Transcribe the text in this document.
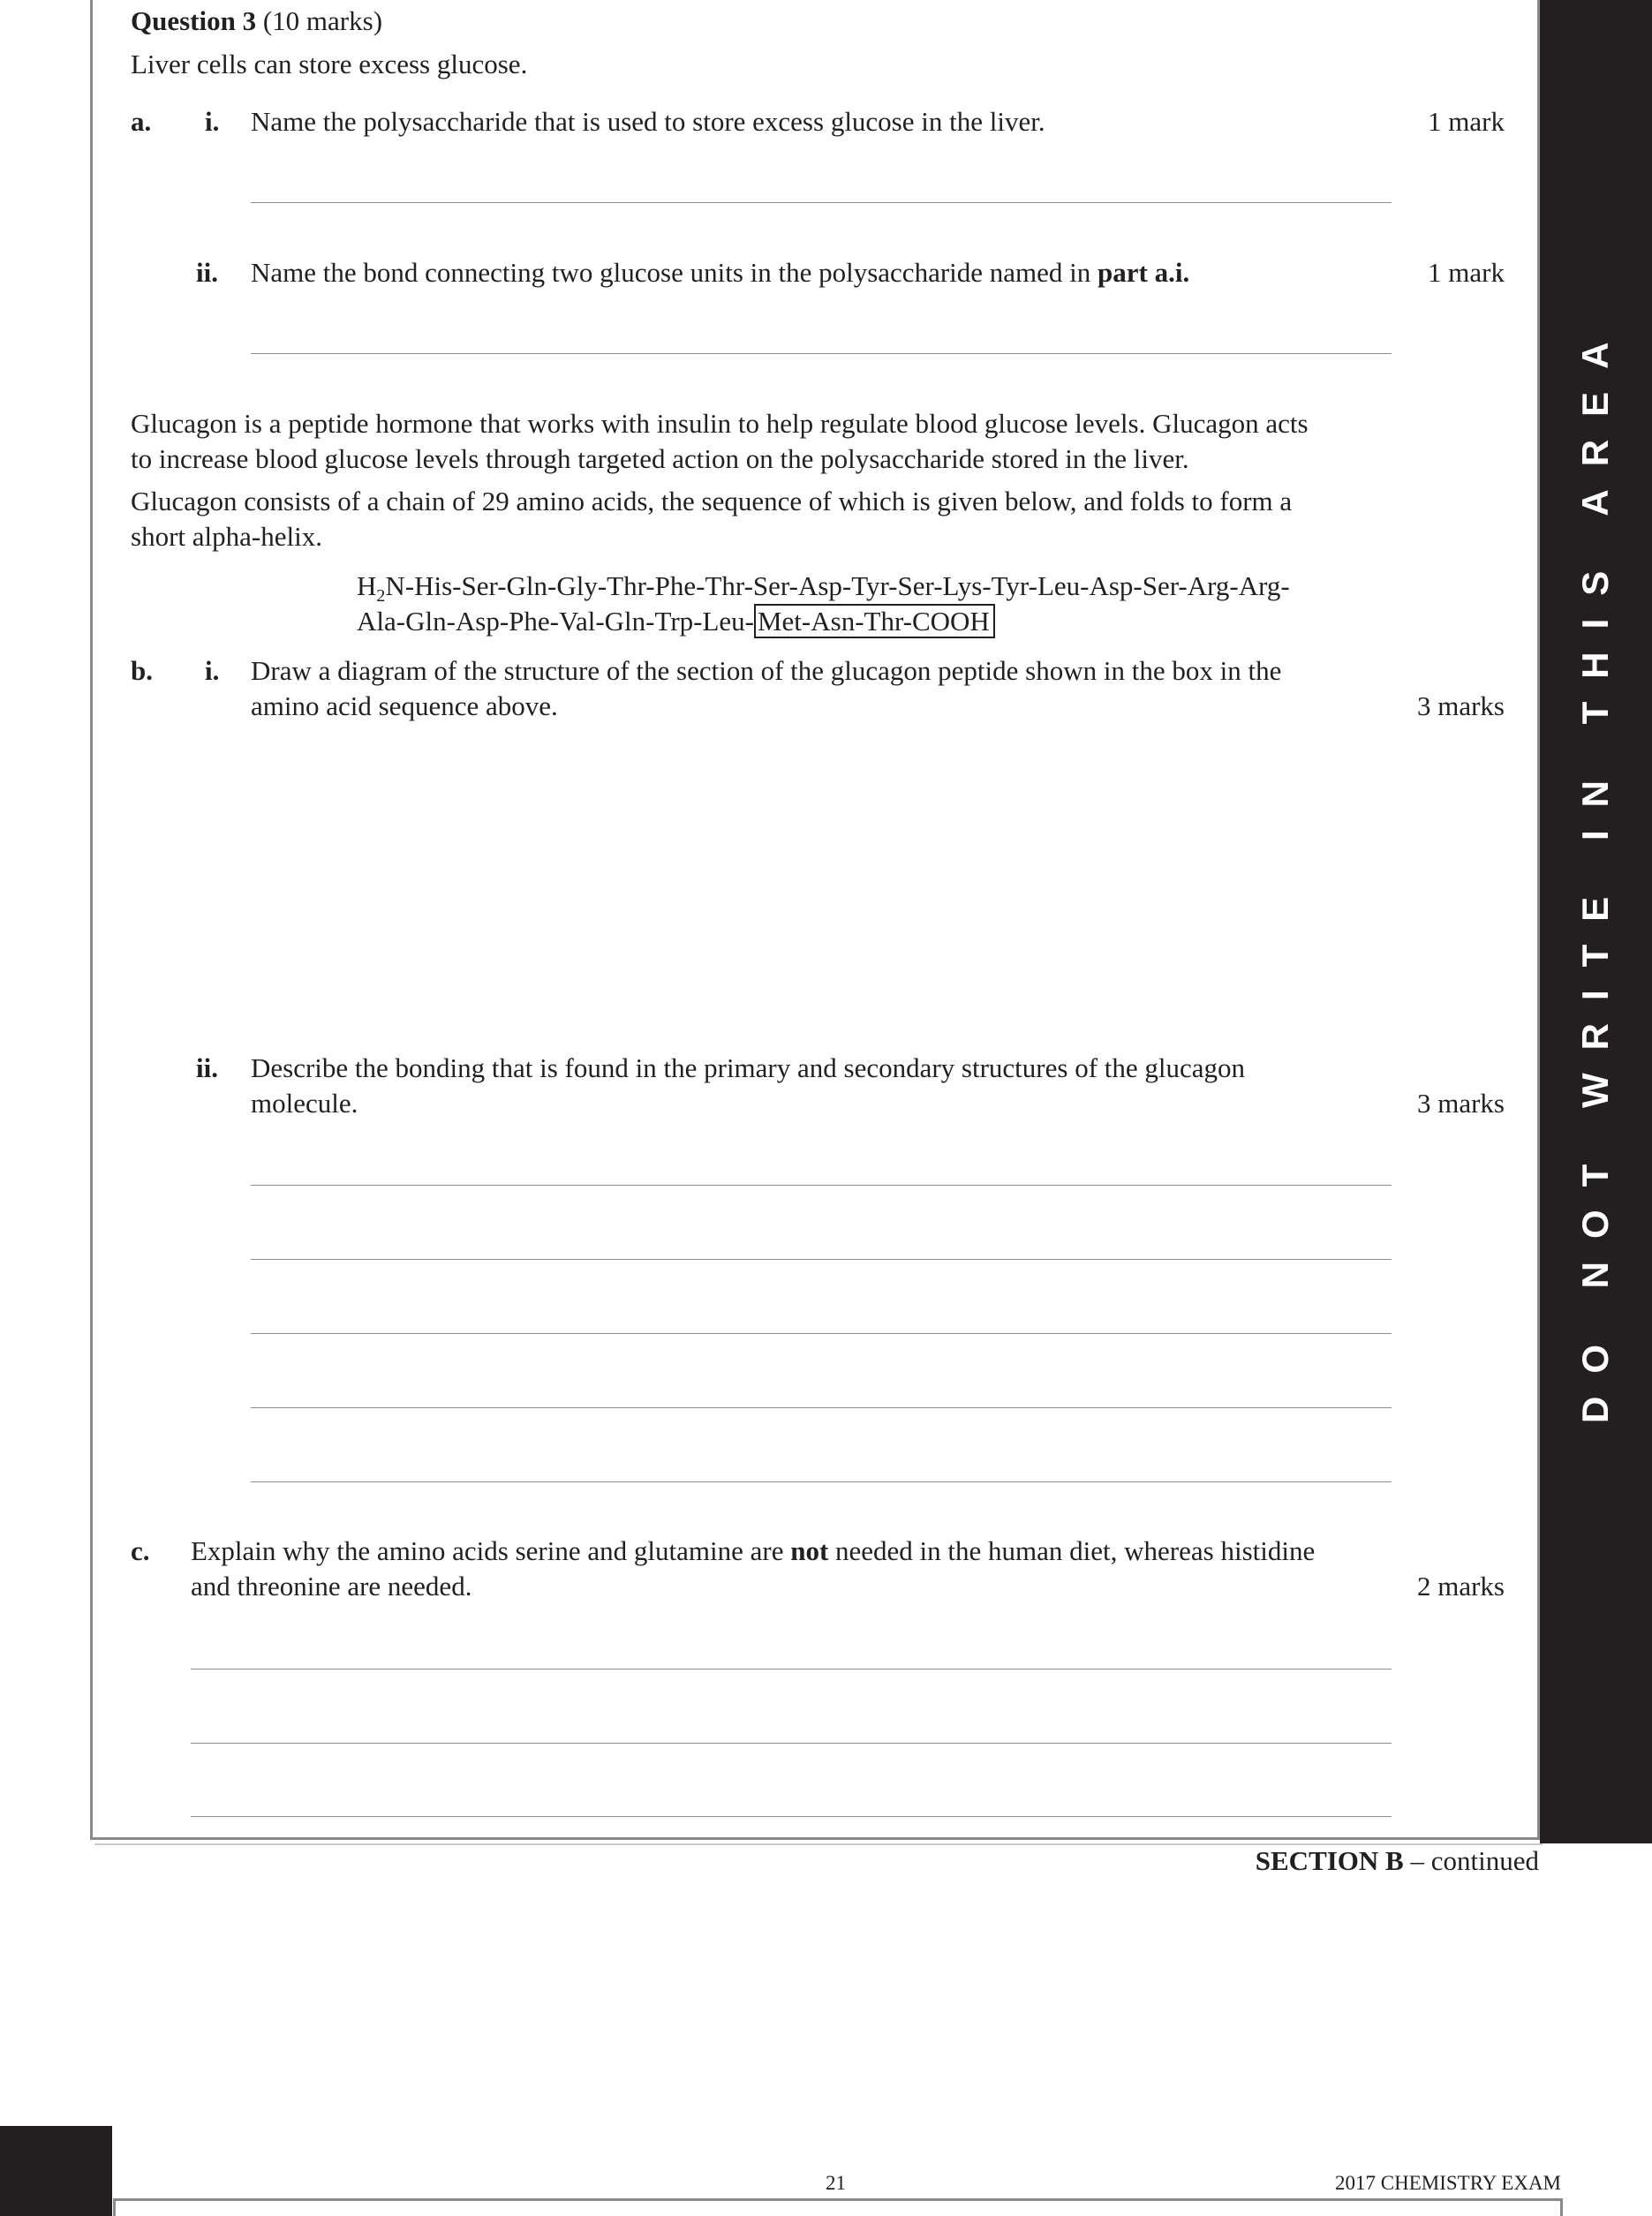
DO NOT WRITE IN THIS AREA
Question 3 (10 marks)
Liver cells can store excess glucose.
a. i. Name the polysaccharide that is used to store excess glucose in the liver.	1 mark
ii. Name the bond connecting two glucose units in the polysaccharide named in part a.i.	1 mark
Glucagon is a peptide hormone that works with insulin to help regulate blood glucose levels. Glucagon acts
to increase blood glucose levels through targeted action on the polysaccharide stored in the liver.
Glucagon consists of a chain of 29 amino acids, the sequence of which is given below, and folds to form a
short alpha-helix.
$H_2N-His-Ser-Gln-Gly-Thr-Phe-Thr-Ser-Asp-Tyr-Ser-Lys-Tyr-Leu-Asp-Ser-Arg-Arg-$
Ala-Gln-Asp-Phe-Val-Gln-Trp-Leu- Met-Asn-Thr-COOH
b. i. Draw a diagram of the structure of the section of the glucagon peptide shown in the box in the
amino acid sequence above.	3 marks
ii. Describe the bonding that is found in the primary and secondary structures of the glucagon
molecule.	3 marks
c. Explain why the amino acids serine and glutamine are not needed in the human diet, whereas histidine
and threonine are needed.	2 marks
SECTION B – continued
21	2017 CHEMISTRY EXAM
